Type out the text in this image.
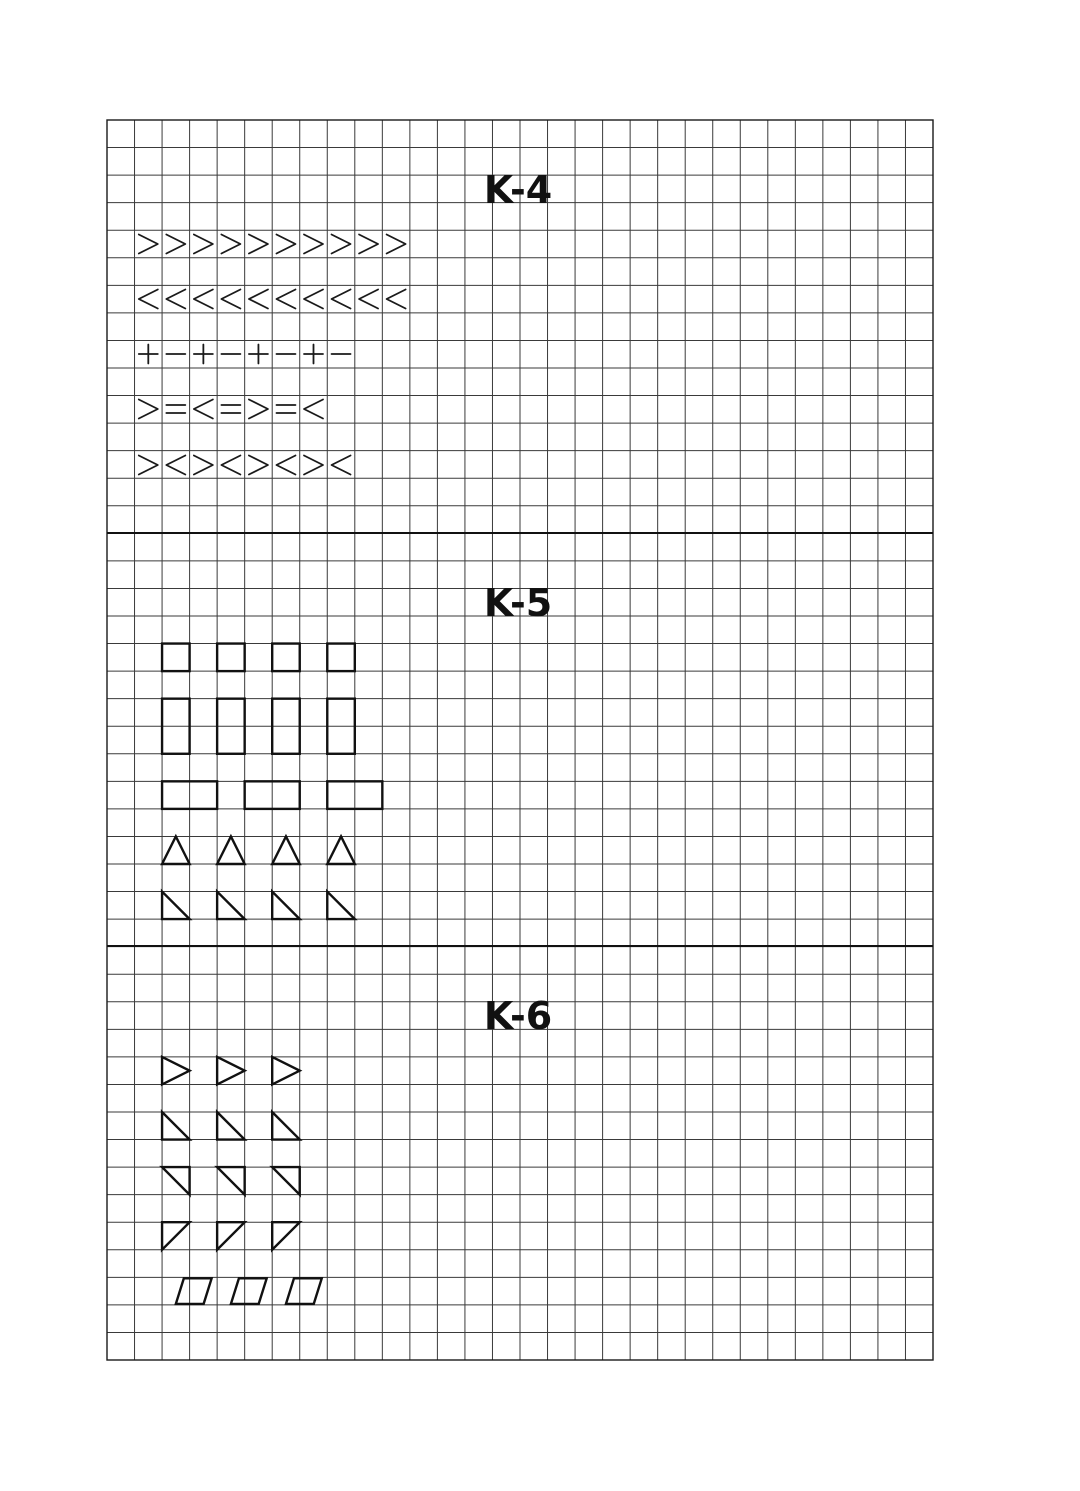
K-4
K-5
K-6
